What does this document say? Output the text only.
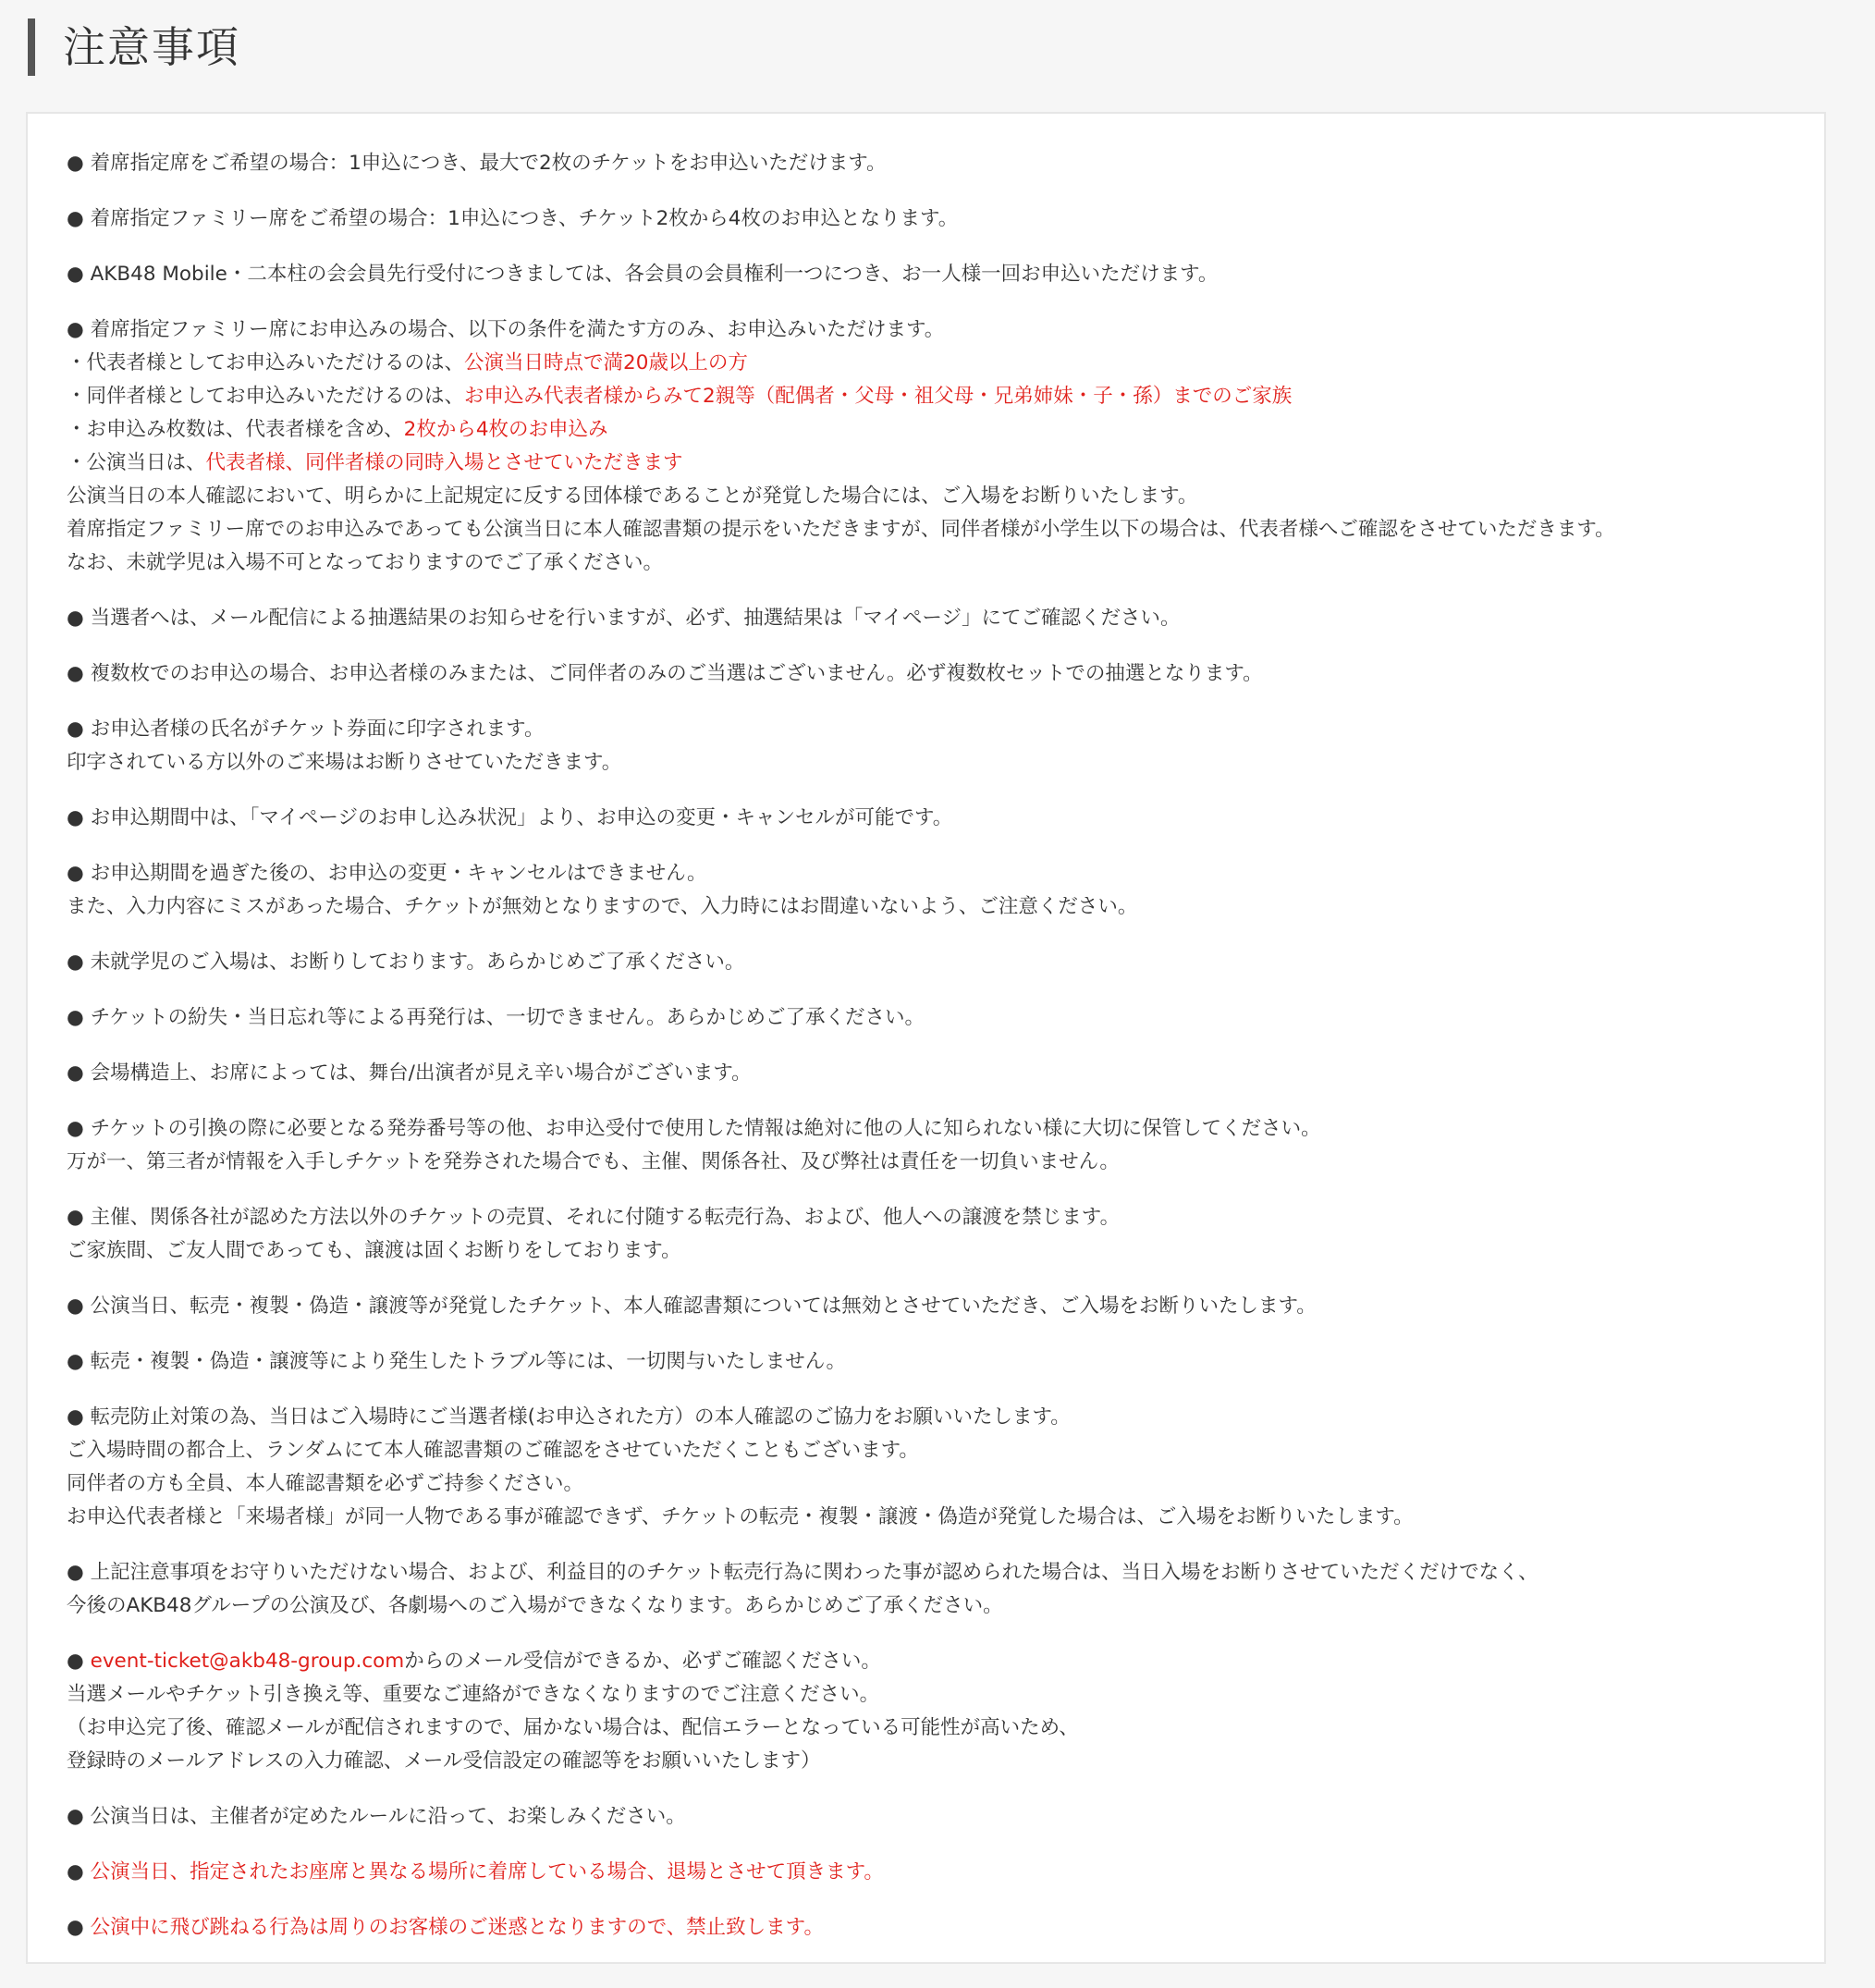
注意事項
● 着席指定席をご希望の場合：1申込につき、最大で2枚のチケットをお申込いただけます。
● 着席指定ファミリー席をご希望の場合：1申込につき、チケット2枚から4枚のお申込となります。
● AKB48 Mobile・二本柱の会会員先行受付につきましては、各会員の会員権利一つにつき、お一人様一回お申込いただけます。
● 着席指定ファミリー席にお申込みの場合、以下の条件を満たす方のみ、お申込みいただけます。
・代表者様としてお申込みいただけるのは、公演当日時点で満20歳以上の方
・同伴者様としてお申込みいただけるのは、お申込み代表者様からみて2親等（配偶者・父母・祖父母・兄弟姉妹・子・孫）までのご家族
・お申込み枚数は、代表者様を含め、2枚から4枚のお申込み
・公演当日は、代表者様、同伴者様の同時入場とさせていただきます
公演当日の本人確認において、明らかに上記規定に反する団体様であることが発覚した場合には、ご入場をお断りいたします。
着席指定ファミリー席でのお申込みであっても公演当日に本人確認書類の提示をいただきますが、同伴者様が小学生以下の場合は、代表者様へご確認をさせていただきます。
なお、未就学児は入場不可となっておりますのでご了承ください。
● 当選者へは、メール配信による抽選結果のお知らせを行いますが、必ず、抽選結果は「マイページ」にてご確認ください。
● 複数枚でのお申込の場合、お申込者様のみまたは、ご同伴者のみのご当選はございません。必ず複数枚セットでの抽選となります。
● お申込者様の氏名がチケット券面に印字されます。
印字されている方以外のご来場はお断りさせていただきます。
● お申込期間中は、「マイページのお申し込み状況」より、お申込の変更・キャンセルが可能です。
● お申込期間を過ぎた後の、お申込の変更・キャンセルはできません。
また、入力内容にミスがあった場合、チケットが無効となりますので、入力時にはお間違いないよう、ご注意ください。
● 未就学児のご入場は、お断りしております。あらかじめご了承ください。
● チケットの紛失・当日忘れ等による再発行は、一切できません。あらかじめご了承ください。
● 会場構造上、お席によっては、舞台/出演者が見え辛い場合がございます。
● チケットの引換の際に必要となる発券番号等の他、お申込受付で使用した情報は絶対に他の人に知られない様に大切に保管してください。
万が一、第三者が情報を入手しチケットを発券された場合でも、主催、関係各社、及び弊社は責任を一切負いません。
● 主催、関係各社が認めた方法以外のチケットの売買、それに付随する転売行為、および、他人への譲渡を禁じます。
ご家族間、ご友人間であっても、譲渡は固くお断りをしております。
● 公演当日、転売・複製・偽造・譲渡等が発覚したチケット、本人確認書類については無効とさせていただき、ご入場をお断りいたします。
● 転売・複製・偽造・譲渡等により発生したトラブル等には、一切関与いたしません。
● 転売防止対策の為、当日はご入場時にご当選者様(お申込された方）の本人確認のご協力をお願いいたします。
ご入場時間の都合上、ランダムにて本人確認書類のご確認をさせていただくこともございます。
同伴者の方も全員、本人確認書類を必ずご持参ください。
お申込代表者様と「来場者様」が同一人物である事が確認できず、チケットの転売・複製・譲渡・偽造が発覚した場合は、ご入場をお断りいたします。
● 上記注意事項をお守りいただけない場合、および、利益目的のチケット転売行為に関わった事が認められた場合は、当日入場をお断りさせていただくだけでなく、
今後のAKB48グループの公演及び、各劇場へのご入場ができなくなります。あらかじめご了承ください。
● event-ticket@akb48-group.comからのメール受信ができるか、必ずご確認ください。
当選メールやチケット引き換え等、重要なご連絡ができなくなりますのでご注意ください。
（お申込完了後、確認メールが配信されますので、届かない場合は、配信エラーとなっている可能性が高いため、
登録時のメールアドレスの入力確認、メール受信設定の確認等をお願いいたします）
● 公演当日は、主催者が定めたルールに沿って、お楽しみください。
● 公演当日、指定されたお座席と異なる場所に着席している場合、退場とさせて頂きます。
● 公演中に飛び跳ねる行為は周りのお客様のご迷惑となりますので、禁止致します。
